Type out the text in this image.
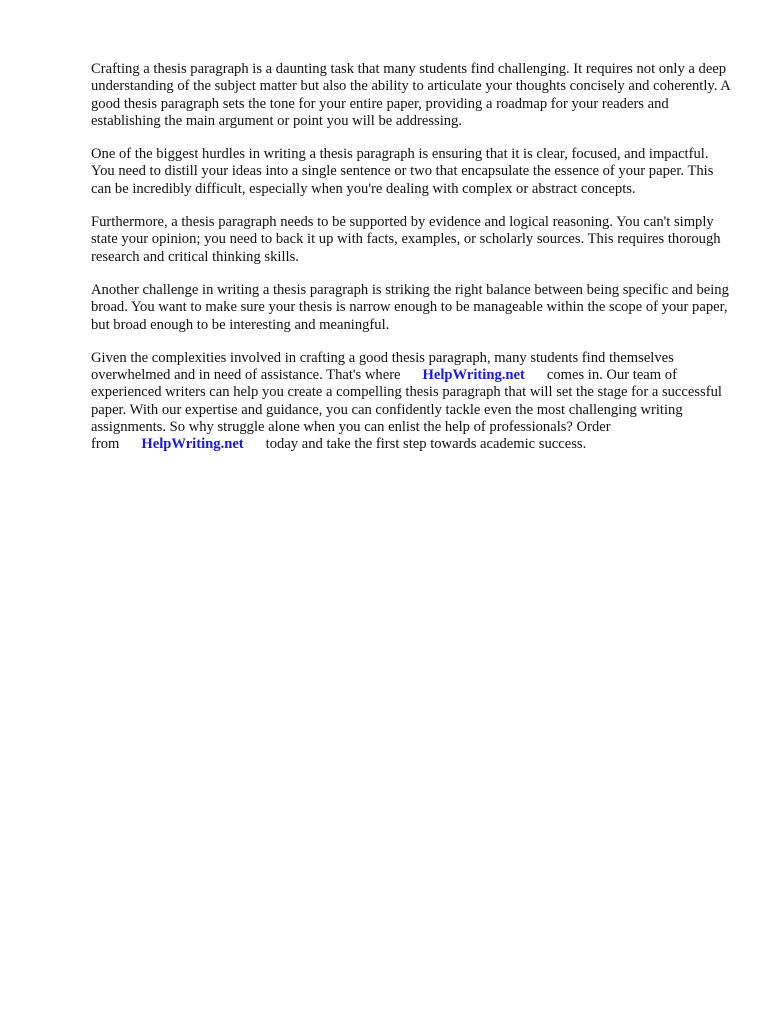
Crafting a thesis paragraph is a daunting task that many students find challenging. It requires not only a deep understanding of the subject matter but also the ability to articulate your thoughts concisely and coherently. A good thesis paragraph sets the tone for your entire paper, providing a roadmap for your readers and establishing the main argument or point you will be addressing.

One of the biggest hurdles in writing a thesis paragraph is ensuring that it is clear, focused, and impactful. You need to distill your ideas into a single sentence or two that encapsulate the essence of your paper. This can be incredibly difficult, especially when you're dealing with complex or abstract concepts.

Furthermore, a thesis paragraph needs to be supported by evidence and logical reasoning. You can't simply state your opinion; you need to back it up with facts, examples, or scholarly sources. This requires thorough research and critical thinking skills.

Another challenge in writing a thesis paragraph is striking the right balance between being specific and being broad. You want to make sure your thesis is narrow enough to be manageable within the scope of your paper, but broad enough to be interesting and meaningful.

Given the complexities involved in crafting a good thesis paragraph, many students find themselves overwhelmed and in need of assistance. That's where HelpWriting.net comes in. Our team of experienced writers can help you create a compelling thesis paragraph that will set the stage for a successful paper. With our expertise and guidance, you can confidently tackle even the most challenging writing assignments. So why struggle alone when you can enlist the help of professionals? Order from HelpWriting.net today and take the first step towards academic success.
